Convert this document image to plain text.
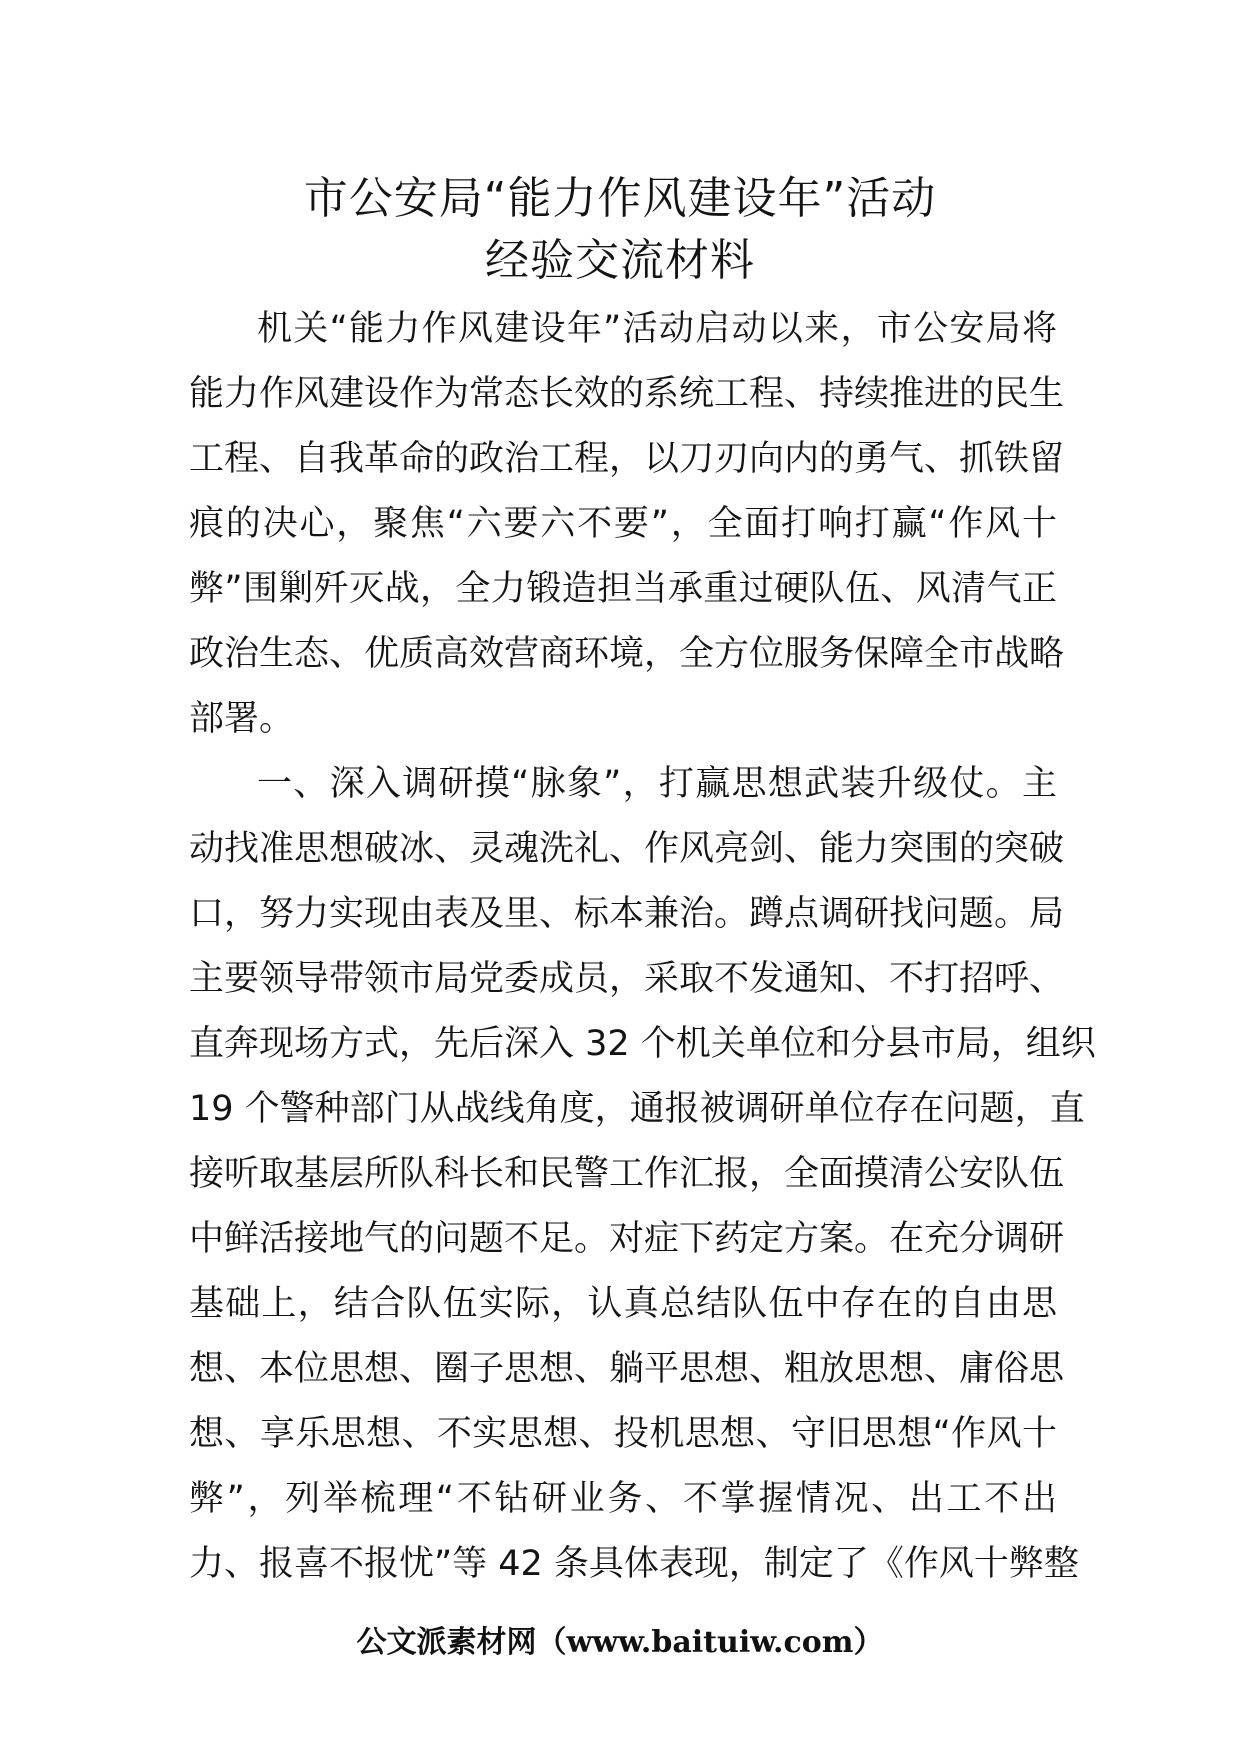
市公安局“能力作风建设年”活动
经验交流材料
机关“能力作风建设年”活动启动以来，市公安局将
能力作风建设作为常态长效的系统工程、持续推进的民生
工程、自我革命的政治工程，以刀刃向内的勇气、抓铁留
痕的决心，聚焦“六要六不要”，全面打响打赢“作风十
弊”围剿歼灭战，全力锻造担当承重过硬队伍、风清气正
政治生态、优质高效营商环境，全方位服务保障全市战略
部署。
一、深入调研摸“脉象”，打赢思想武装升级仗。主
动找准思想破冰、灵魂洗礼、作风亮剑、能力突围的突破
口，努力实现由表及里、标本兼治。蹲点调研找问题。局
主要领导带领市局党委成员，采取不发通知、不打招呼、
直奔现场方式，先后深入 32 个机关单位和分县市局，组织
19 个警种部门从战线角度，通报被调研单位存在问题，直
接听取基层所队科长和民警工作汇报，全面摸清公安队伍
中鲜活接地气的问题不足。对症下药定方案。在充分调研
基础上，结合队伍实际，认真总结队伍中存在的自由思
想、本位思想、圈子思想、躺平思想、粗放思想、庸俗思
想、享乐思想、不实思想、投机思想、守旧思想“作风十
弊”，列举梳理“不钻研业务、不掌握情况、出工不出
力、报喜不报忧”等 42 条具体表现，制定了《作风十弊整
公文派素材网（www.baituiw.com）
